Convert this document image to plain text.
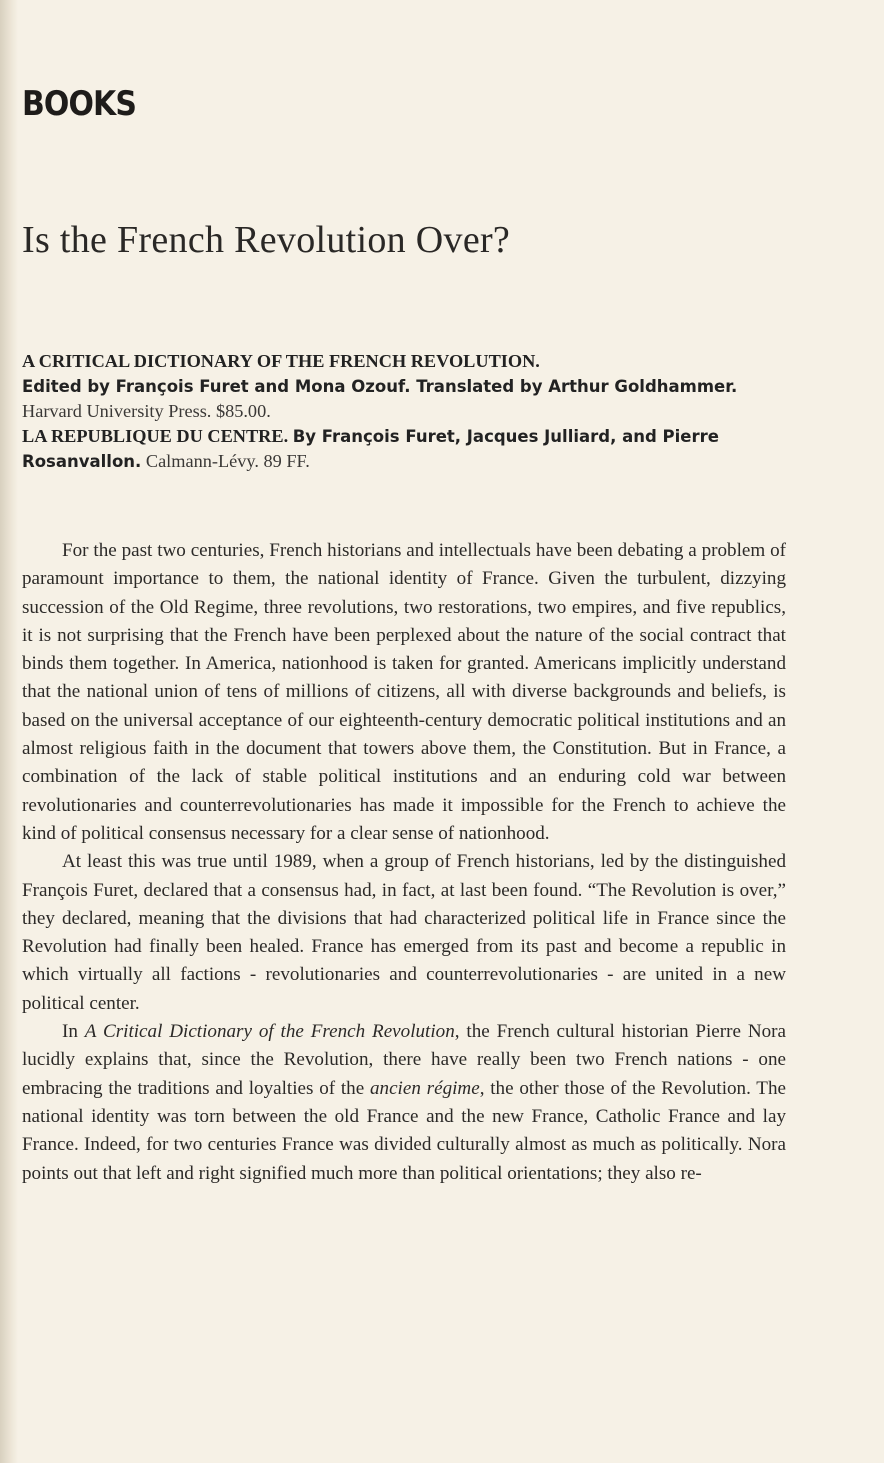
BOOKS
Is the French Revolution Over?

A CRITICAL DICTIONARY OF THE FRENCH REVOLUTION.
Edited by François Furet and Mona Ozouf. Translated by Arthur Goldhammer. Harvard University Press. $85.00.

LA REPUBLIQUE DU CENTRE. By François Furet, Jacques Julliard, and Pierre Rosanvallon. Calmann-Lévy. 89 FF.

For the past two centuries, French historians and intellectuals have been debating a problem of paramount importance to them, the national identity of France. Given the turbulent, dizzying succession of the Old Regime, three revolutions, two restorations, two empires, and five republics, it is not surprising that the French have been perplexed about the nature of the social contract that binds them together. In America, nationhood is taken for granted. Americans implicitly understand that the national union of tens of millions of citizens, all with diverse backgrounds and beliefs, is based on the universal acceptance of our eighteenth-century democratic political institutions and an almost religious faith in the document that towers above them, the Constitution. But in France, a combination of the lack of stable political institutions and an enduring cold war between revolutionaries and counterrevolutionaries has made it impossible for the French to achieve the kind of political consensus necessary for a clear sense of nationhood.

At least this was true until 1989, when a group of French historians, led by the distinguished François Furet, declared that a consensus had, in fact, at last been found. “The Revolution is over,” they declared, meaning that the divisions that had characterized political life in France since the Revolution had finally been healed. France has emerged from its past and become a republic in which virtually all factions - revolutionaries and counterrevolutionaries - are united in a new political center.

In A Critical Dictionary of the French Revolution, the French cultural historian Pierre Nora lucidly explains that, since the Revolution, there have really been two French nations - one embracing the traditions and loyalties of the ancien régime, the other those of the Revolution. The national identity was torn between the old France and the new France, Catholic France and lay France. Indeed, for two centuries France was divided culturally almost as much as politically. Nora points out that left and right signified much more than political orientations; they also re-
